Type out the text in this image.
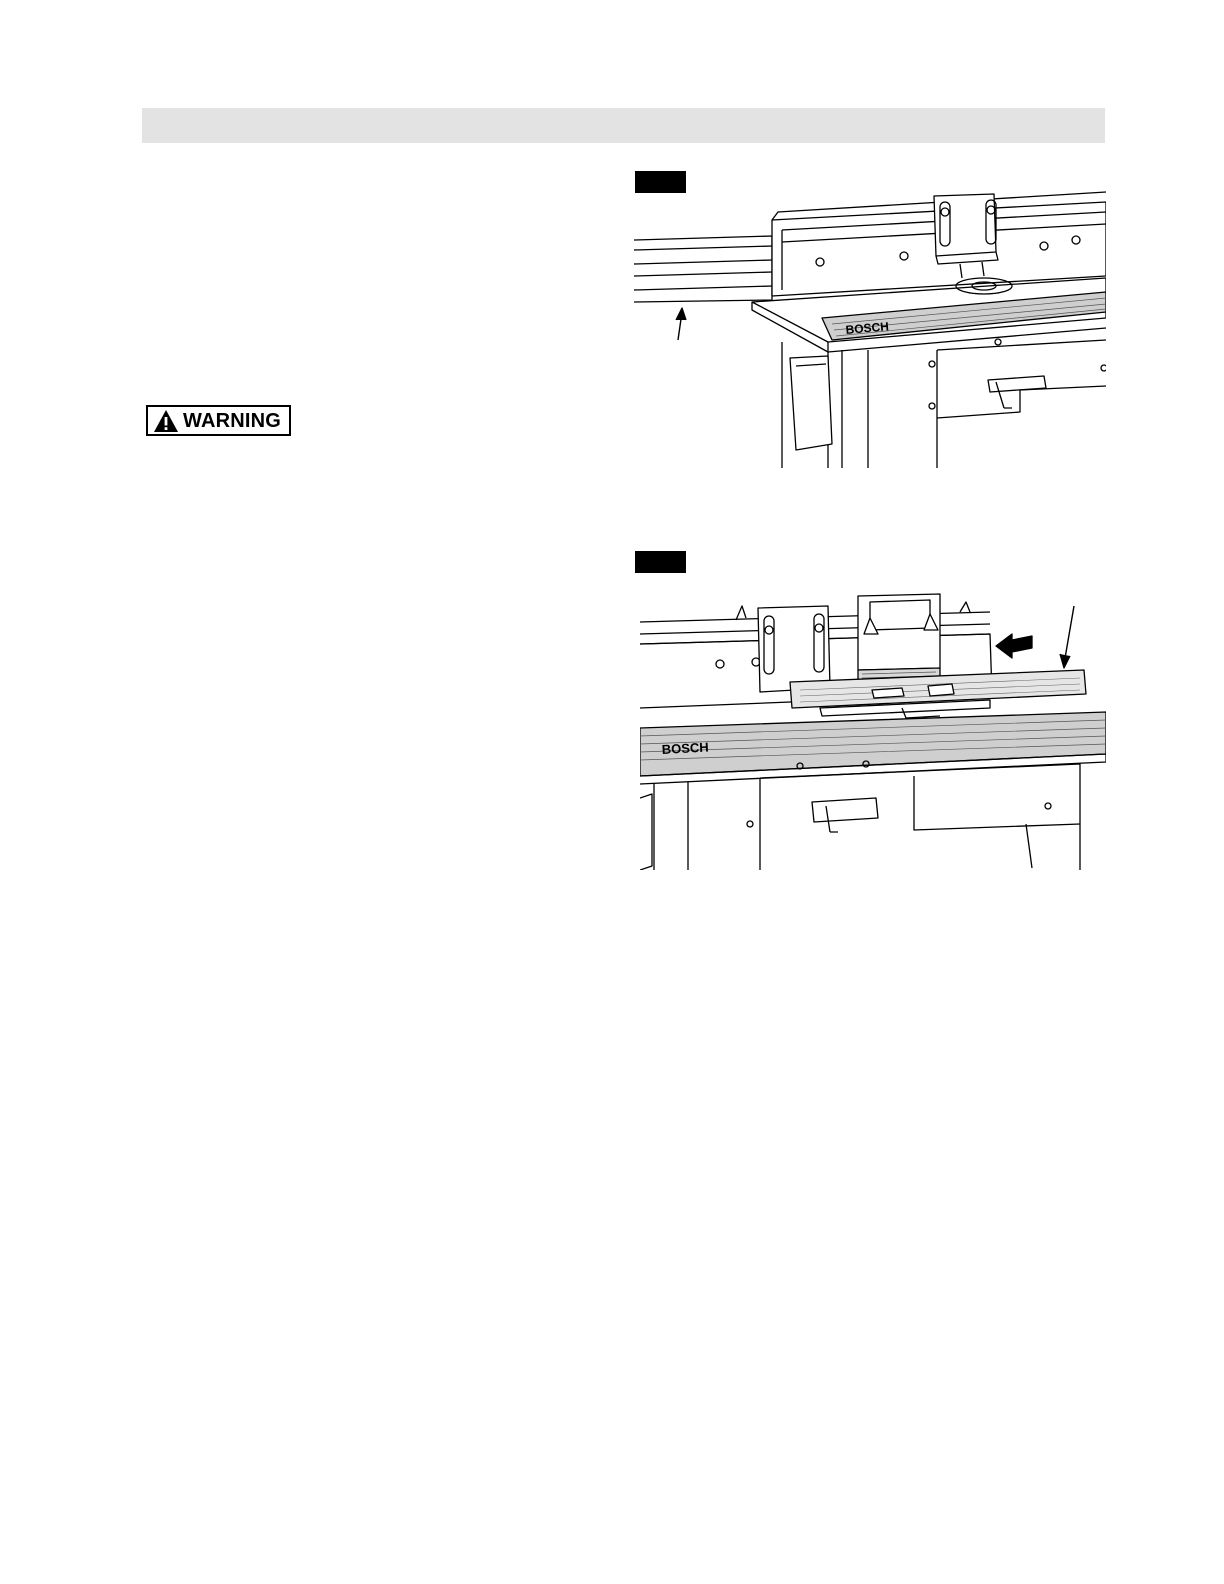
WARNING
BOSCH
BOSCH
